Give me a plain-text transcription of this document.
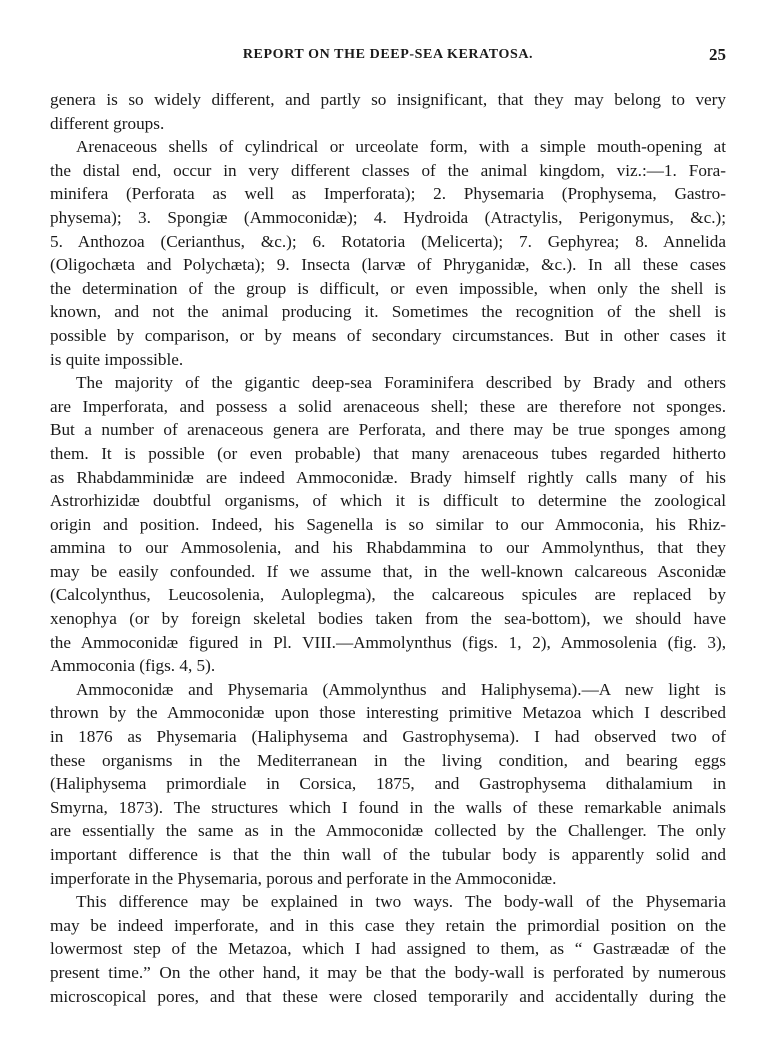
REPORT ON THE DEEP-SEA KERATOSA.	25
genera is so widely different, and partly so insignificant, that they may belong to very
different groups.
Arenaceous shells of cylindrical or urceolate form, with a simple mouth-opening at
the distal end, occur in very different classes of the animal kingdom, viz.:—1. Fora-
minifera (Perforata as well as Imperforata); 2. Physemaria (Prophysema, Gastro-
physema); 3. Spongiæ (Ammoconidæ); 4. Hydroida (Atractylis, Perigonymus, &c.);
5. Anthozoa (Cerianthus, &c.); 6. Rotatoria (Melicerta); 7. Gephyrea; 8. Annelida
(Oligochæta and Polychæta); 9. Insecta (larvæ of Phryganidæ, &c.). In all these cases
the determination of the group is difficult, or even impossible, when only the shell is
known, and not the animal producing it. Sometimes the recognition of the shell is
possible by comparison, or by means of secondary circumstances. But in other cases it
is quite impossible.
The majority of the gigantic deep-sea Foraminifera described by Brady and others
are Imperforata, and possess a solid arenaceous shell; these are therefore not sponges.
But a number of arenaceous genera are Perforata, and there may be true sponges among
them. It is possible (or even probable) that many arenaceous tubes regarded hitherto
as Rhabdamminidæ are indeed Ammoconidæ. Brady himself rightly calls many of his
Astrorhizidæ doubtful organisms, of which it is difficult to determine the zoological
origin and position. Indeed, his Sagenella is so similar to our Ammoconia, his Rhiz-
ammina to our Ammosolenia, and his Rhabdammina to our Ammolynthus, that they
may be easily confounded. If we assume that, in the well-known calcareous Asconidæ
(Calcolynthus, Leucosolenia, Auloplegma), the calcareous spicules are replaced by
xenophya (or by foreign skeletal bodies taken from the sea-bottom), we should have
the Ammoconidæ figured in Pl. VIII.—Ammolynthus (figs. 1, 2), Ammosolenia (fig. 3),
Ammoconia (figs. 4, 5).
Ammoconidæ and Physemaria (Ammolynthus and Haliphysema).—A new light is
thrown by the Ammoconidæ upon those interesting primitive Metazoa which I described
in 1876 as Physemaria (Haliphysema and Gastrophysema). I had observed two of
these organisms in the Mediterranean in the living condition, and bearing eggs
(Haliphysema primordiale in Corsica, 1875, and Gastrophysema dithalamium in
Smyrna, 1873). The structures which I found in the walls of these remarkable animals
are essentially the same as in the Ammoconidæ collected by the Challenger. The only
important difference is that the thin wall of the tubular body is apparently solid and
imperforate in the Physemaria, porous and perforate in the Ammoconidæ.
This difference may be explained in two ways. The body-wall of the Physemaria
may be indeed imperforate, and in this case they retain the primordial position on the
lowermost step of the Metazoa, which I had assigned to them, as “ Gastræadæ of the
present time.” On the other hand, it may be that the body-wall is perforated by numerous
microscopical pores, and that these were closed temporarily and accidentally during the
